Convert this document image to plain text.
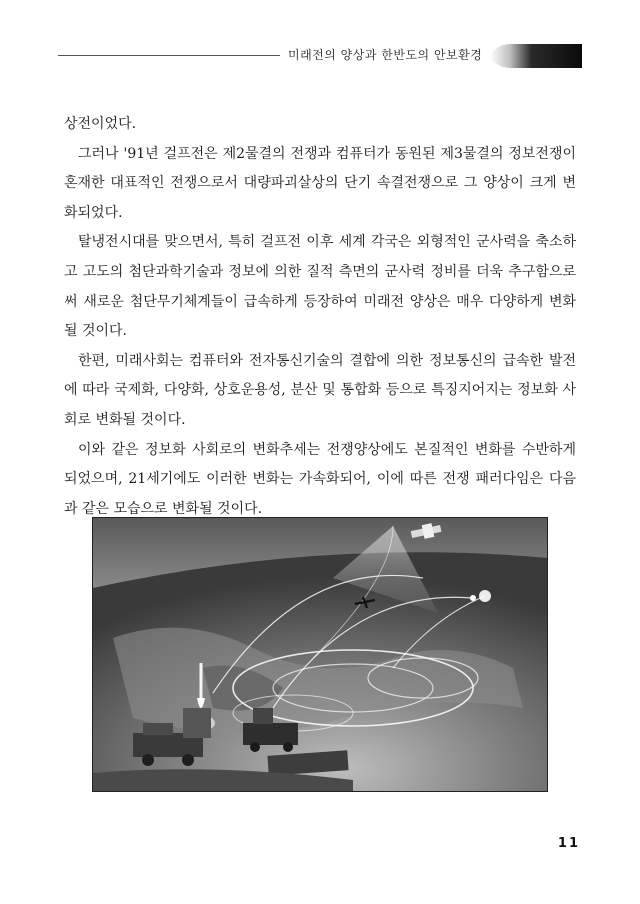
미래전의 양상과 한반도의 안보환경

상전이었다.

그러나 '91년 걸프전은 제2물결의 전쟁과 컴퓨터가 동원된 제3물결의 정보전쟁이 혼재한 대표적인 전쟁으로서 대량파괴살상의 단기 속결전쟁으로 그 양상이 크게 변화되었다.

탈냉전시대를 맞으면서, 특히 걸프전 이후 세계 각국은 외형적인 군사력을 축소하고 고도의 첨단과학기술과 정보에 의한 질적 측면의 군사력 정비를 더욱 추구함으로써 새로운 첨단무기체계들이 급속하게 등장하여 미래전 양상은 매우 다양하게 변화될 것이다.

한편, 미래사회는 컴퓨터와 전자통신기술의 결합에 의한 정보통신의 급속한 발전에 따라 국제화, 다양화, 상호운용성, 분산 및 통합화 등으로 특징지어지는 정보화 사회로 변화될 것이다.

이와 같은 정보화 사회로의 변화추세는 전쟁양상에도 본질적인 변화를 수반하게 되었으며, 21세기에도 이러한 변화는 가속화되어, 이에 따른 전쟁 패러다임은 다음과 같은 모습으로 변화될 것이다.

11
